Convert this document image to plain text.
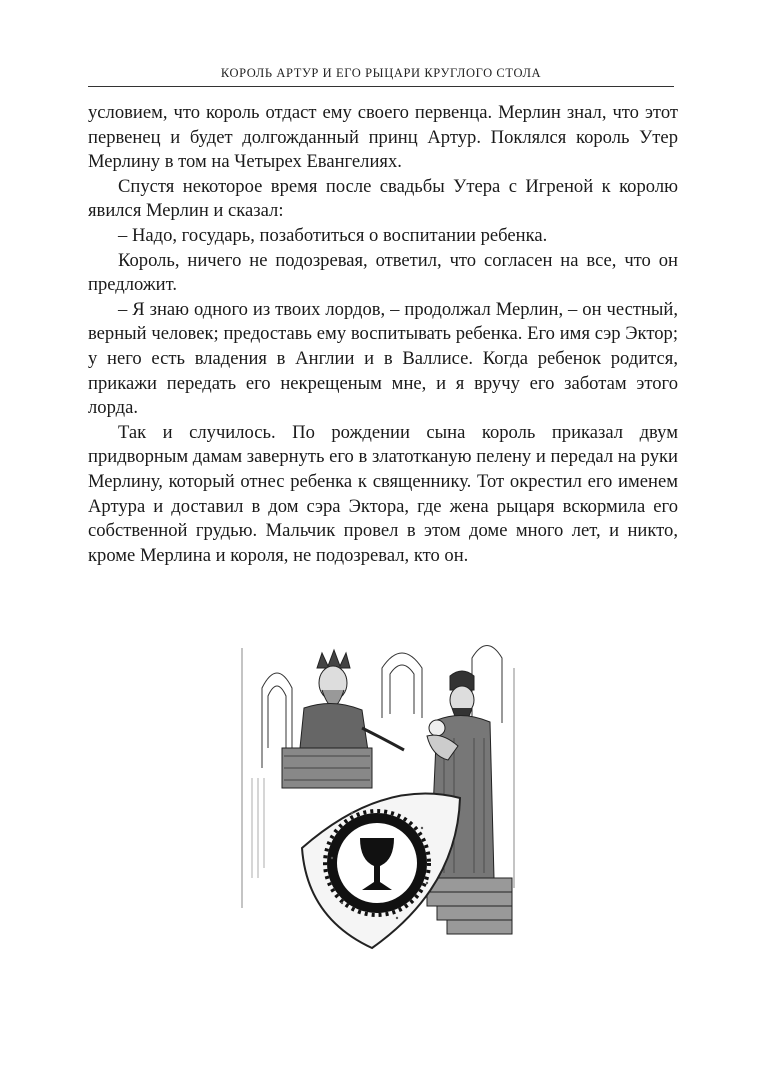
КОРОЛЬ АРТУР И ЕГО РЫЦАРИ КРУГЛОГО СТОЛА

условием, что король отдаст ему своего первенца. Мерлин знал, что этот первенец и будет долгожданный принц Артур. Поклялся король Утер Мерлину в том на Четырех Евангелиях.

Спустя некоторое время после свадьбы Утера с Игреной к королю явился Мерлин и сказал:

– Надо, государь, позаботиться о воспитании ребенка.

Король, ничего не подозревая, ответил, что согласен на все, что он предложит.

– Я знаю одного из твоих лордов, – продолжал Мерлин, – он честный, верный человек; предоставь ему воспитывать ребенка. Его имя сэр Эктор; у него есть владения в Англии и в Валлисе. Когда ребенок родится, прикажи передать его некрещеным мне, и я вручу его заботам этого лорда.

Так и случилось. По рождении сына король приказал двум придворным дамам завернуть его в златотканую пелену и передал на руки Мерлину, который отнес ребенка к священнику. Тот окрестил его именем Артура и доставил в дом сэра Эктора, где жена рыцаря вскормила его собственной грудью. Мальчик провел в этом доме много лет, и никто, кроме Мерлина и короля, не подозревал, кто он.
